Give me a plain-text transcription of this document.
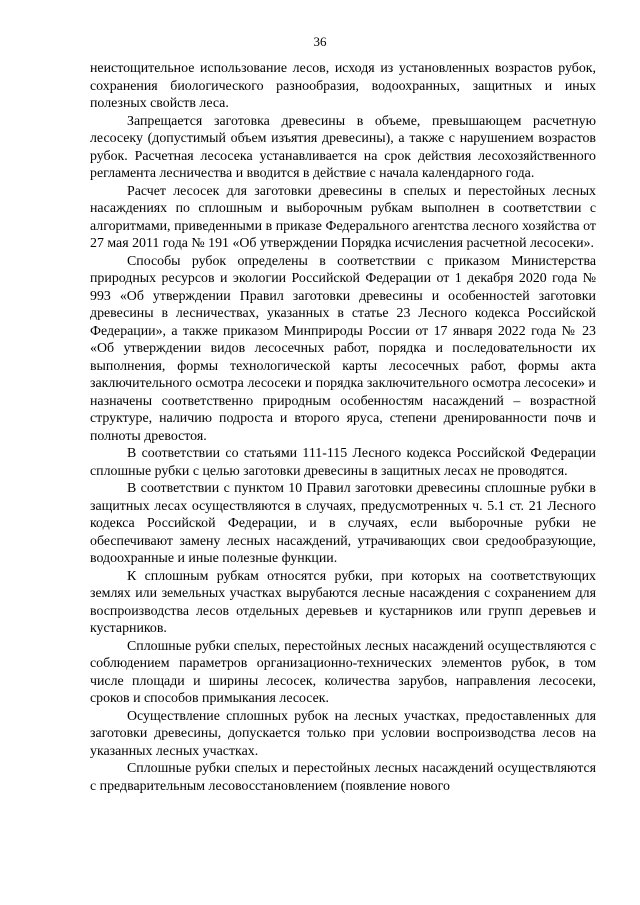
36

неистощительное использование лесов, исходя из установленных возрастов рубок, сохранения биологического разнообразия, водоохранных, защитных и иных полезных свойств леса.

Запрещается заготовка древесины в объеме, превышающем расчетную лесосеку (допустимый объем изъятия древесины), а также с нарушением возрастов рубок. Расчетная лесосека устанавливается на срок действия лесохозяйственного регламента лесничества и вводится в действие с начала календарного года.

Расчет лесосек для заготовки древесины в спелых и перестойных лесных насаждениях по сплошным и выборочным рубкам выполнен в соответствии с алгоритмами, приведенными в приказе Федерального агентства лесного хозяйства от 27 мая 2011 года № 191 «Об утверждении Порядка исчисления расчетной лесосеки».

Способы рубок определены в соответствии с приказом Министерства природных ресурсов и экологии Российской Федерации от 1 декабря 2020 года № 993 «Об утверждении Правил заготовки древесины и особенностей заготовки древесины в лесничествах, указанных в статье 23 Лесного кодекса Российской Федерации», а также приказом Минприроды России от 17 января 2022 года № 23 «Об утверждении видов лесосечных работ, порядка и последовательности их выполнения, формы технологической карты лесосечных работ, формы акта заключительного осмотра лесосеки и порядка заключительного осмотра лесосеки» и назначены соответственно природным особенностям насаждений – возрастной структуре, наличию подроста и второго яруса, степени дренированности почв и полноты древостоя.

В соответствии со статьями 111-115 Лесного кодекса Российской Федерации сплошные рубки с целью заготовки древесины в защитных лесах не проводятся.

В соответствии с пунктом 10 Правил заготовки древесины сплошные рубки в защитных лесах осуществляются в случаях, предусмотренных ч. 5.1 ст. 21 Лесного кодекса Российской Федерации, и в случаях, если выборочные рубки не обеспечивают замену лесных насаждений, утрачивающих свои средообразующие, водоохранные и иные полезные функции.

К сплошным рубкам относятся рубки, при которых на соответствующих землях или земельных участках вырубаются лесные насаждения с сохранением для воспроизводства лесов отдельных деревьев и кустарников или групп деревьев и кустарников.

Сплошные рубки спелых, перестойных лесных насаждений осуществляются с соблюдением параметров организационно-технических элементов рубок, в том числе площади и ширины лесосек, количества зарубов, направления лесосеки, сроков и способов примыкания лесосек.

Осуществление сплошных рубок на лесных участках, предоставленных для заготовки древесины, допускается только при условии воспроизводства лесов на указанных лесных участках.

Сплошные рубки спелых и перестойных лесных насаждений осуществляются с предварительным лесовосстановлением (появление нового
